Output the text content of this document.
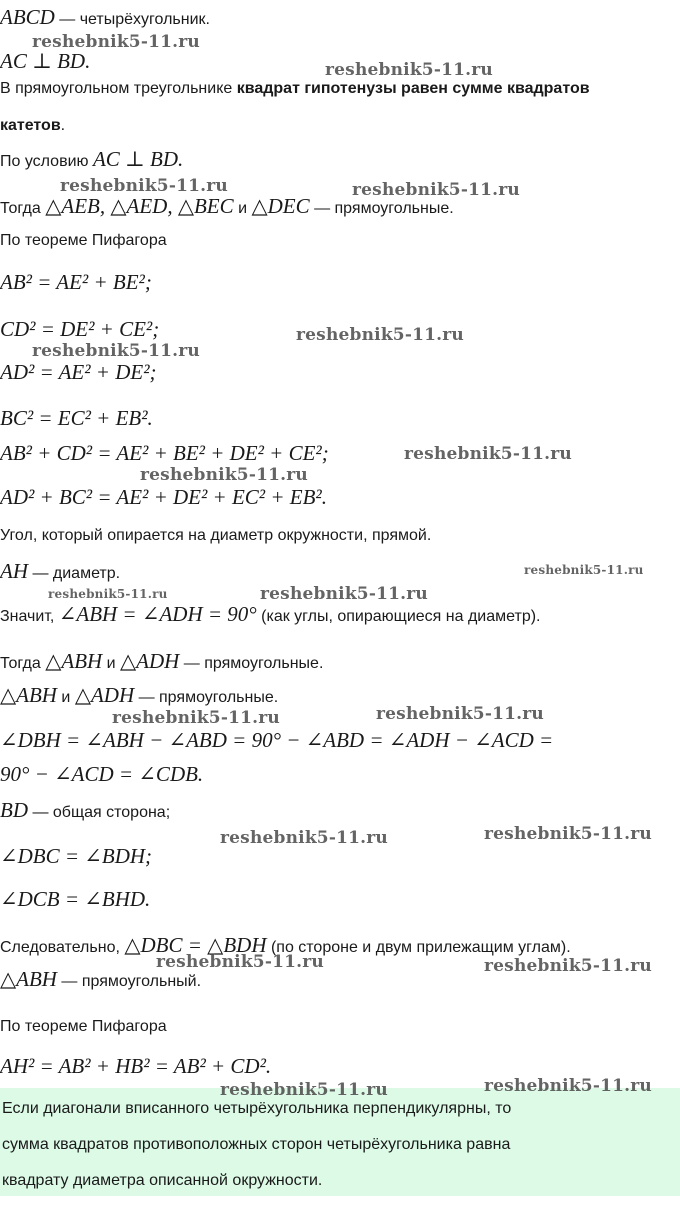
ABCD — четырёхугольник.
AC ⊥ BD.
В прямоугольном треугольнике квадрат гипотенузы равен сумме квадратов
катетов.
По условию AC ⊥ BD.
Тогда △AEB, △AED, △BEC и △DEC — прямоугольные.
По теореме Пифагора
AB² = AE² + BE²;
CD² = DE² + CE²;
AD² = AE² + DE²;
BC² = EC² + EB².
AB² + CD² = AE² + BE² + DE² + CE²;
AD² + BC² = AE² + DE² + EC² + EB².
Угол, который опирается на диаметр окружности, прямой.
AH — диаметр.
Значит, ∠ABH = ∠ADH = 90° (как углы, опирающиеся на диаметр).
Тогда △ABH и △ADH — прямоугольные.
△ABH и △ADH — прямоугольные.
∠DBH = ∠ABH − ∠ABD = 90° − ∠ABD = ∠ADH − ∠ACD =
90° − ∠ACD = ∠CDB.
BD — общая сторона;
∠DBC = ∠BDH;
∠DCB = ∠BHD.
Следовательно, △DBC = △BDH (по стороне и двум прилежащим углам).
△ABH — прямоугольный.
По теореме Пифагора
AH² = AB² + HB² = AB² + CD².
Если диагонали вписанного четырёхугольника перпендикулярны, то
сумма квадратов противоположных сторон четырёхугольника равна
квадрату диаметра описанной окружности.
reshebnik5-11.ru
reshebnik5-11.ru
reshebnik5-11.ru	reshebnik5-11.ru
reshebnik5-11.ru
reshebnik5-11.ru
reshebnik5-11.ru
reshebnik5-11.ru
reshebnik5-11.ru
reshebnik5-11.ru
reshebnik5-11.ru
reshebnik5-11.ru	reshebnik5-11.ru
reshebnik5-11.ru	reshebnik5-11.ru
reshebnik5-11.ru	reshebnik5-11.ru
reshebnik5-11.ru	reshebnik5-11.ru
